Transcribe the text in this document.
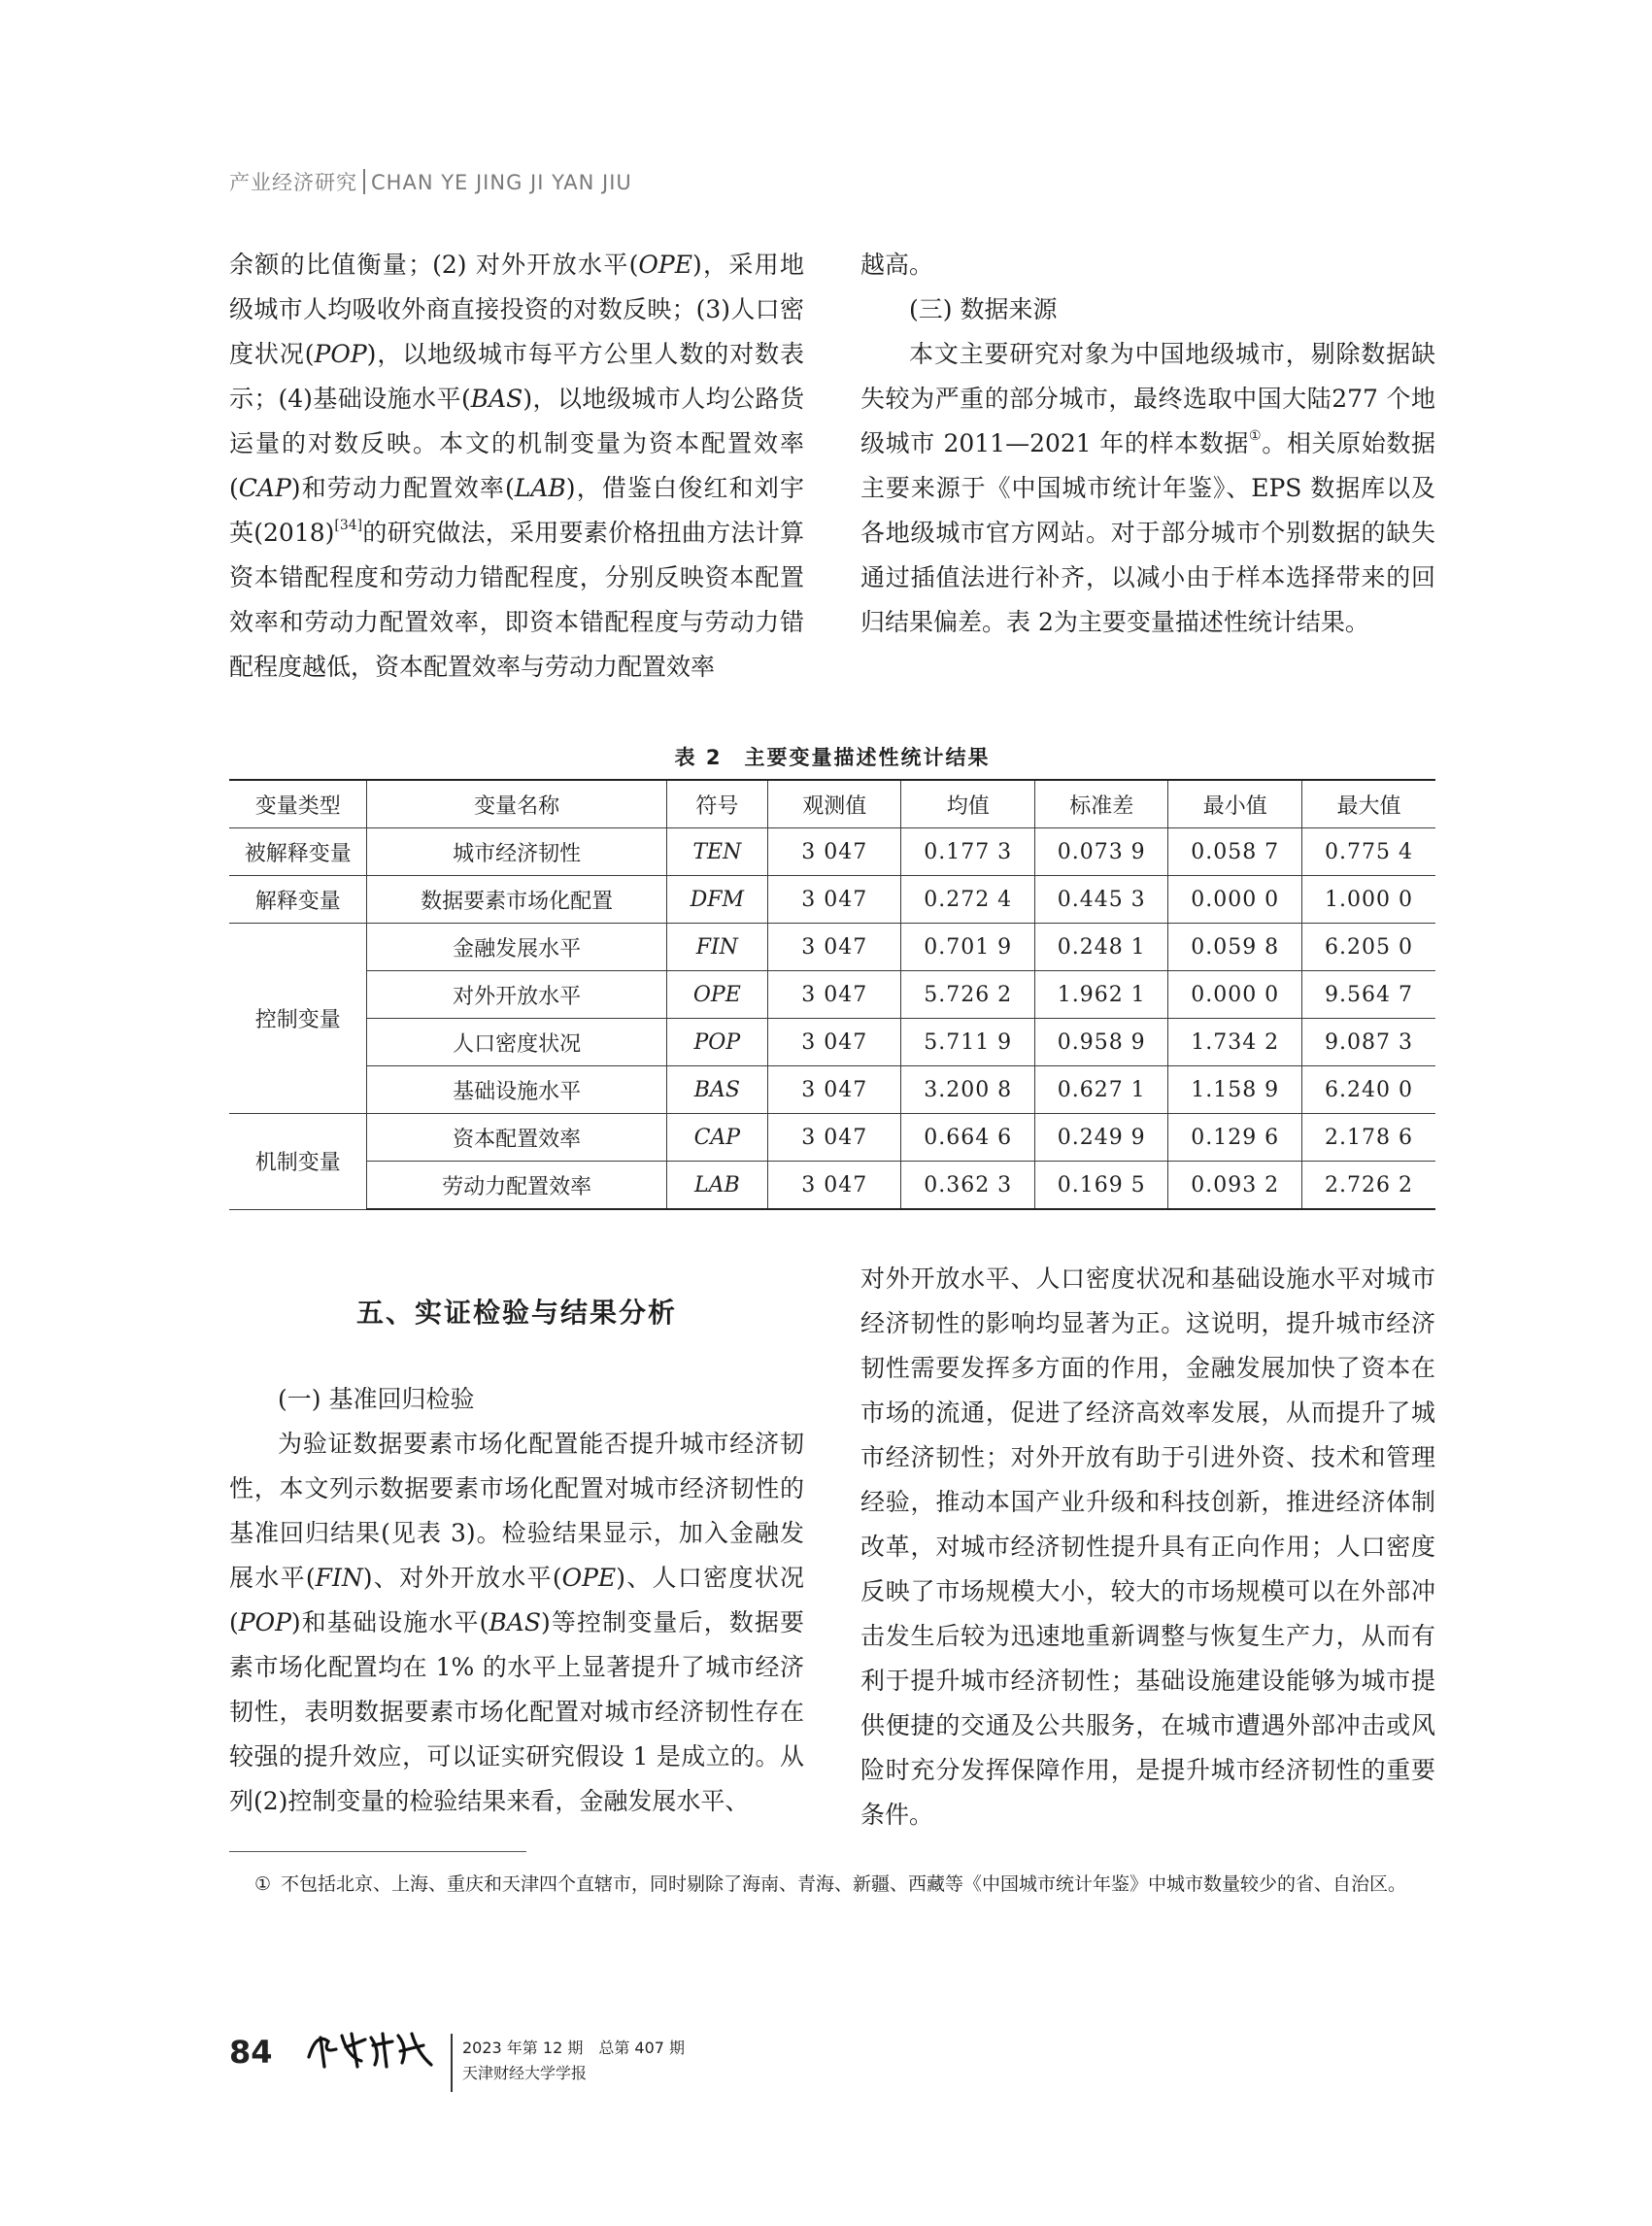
产业经济研究 CHAN YE JING JI YAN JIU

余额的比值衡量；(2) 对外开放水平(OPE)，采用地级城市人均吸收外商直接投资的对数反映；(3)人口密度状况(POP)，以地级城市每平方公里人数的对数表示；(4)基础设施水平(BAS)，以地级城市人均公路货运量的对数反映。本文的机制变量为资本配置效率(CAP)和劳动力配置效率(LAB)，借鉴白俊红和刘宇英(2018)[34]的研究做法，采用要素价格扭曲方法计算资本错配程度和劳动力错配程度，分别反映资本配置效率和劳动力配置效率，即资本错配程度与劳动力错配程度越低，资本配置效率与劳动力配置效率

越高。

(三) 数据来源

本文主要研究对象为中国地级城市，剔除数据缺失较为严重的部分城市，最终选取中国大陆277 个地级城市 2011—2021 年的样本数据①。相关原始数据主要来源于《中国城市统计年鉴》、EPS 数据库以及各地级城市官方网站。对于部分城市个别数据的缺失通过插值法进行补齐，以减小由于样本选择带来的回归结果偏差。表 2为主要变量描述性统计结果。

表 2　主要变量描述性统计结果
变量类型	变量名称	符号	观测值	均值	标准差	最小值	最大值
被解释变量	城市经济韧性	TEN	3 047	0.177 3	0.073 9	0.058 7	0.775 4
解释变量	数据要素市场化配置	DFM	3 047	0.272 4	0.445 3	0.000 0	1.000 0
控制变量	金融发展水平	FIN	3 047	0.701 9	0.248 1	0.059 8	6.205 0
	对外开放水平	OPE	3 047	5.726 2	1.962 1	0.000 0	9.564 7
	人口密度状况	POP	3 047	5.711 9	0.958 9	1.734 2	9.087 3
	基础设施水平	BAS	3 047	3.200 8	0.627 1	1.158 9	6.240 0
机制变量	资本配置效率	CAP	3 047	0.664 6	0.249 9	0.129 6	2.178 6
	劳动力配置效率	LAB	3 047	0.362 3	0.169 5	0.093 2	2.726 2
五、实证检验与结果分析

(一) 基准回归检验

为验证数据要素市场化配置能否提升城市经济韧性，本文列示数据要素市场化配置对城市经济韧性的基准回归结果(见表 3)。检验结果显示，加入金融发展水平(FIN)、对外开放水平(OPE)、人口密度状况(POP)和基础设施水平(BAS)等控制变量后，数据要素市场化配置均在 1% 的水平上显著提升了城市经济韧性，表明数据要素市场化配置对城市经济韧性存在较强的提升效应，可以证实研究假设 1 是成立的。从列(2)控制变量的检验结果来看，金融发展水平、

对外开放水平、人口密度状况和基础设施水平对城市经济韧性的影响均显著为正。这说明，提升城市经济韧性需要发挥多方面的作用，金融发展加快了资本在市场的流通，促进了经济高效率发展，从而提升了城市经济韧性；对外开放有助于引进外资、技术和管理经验，推动本国产业升级和科技创新，推进经济体制改革，对城市经济韧性提升具有正向作用；人口密度反映了市场规模大小，较大的市场规模可以在外部冲击发生后较为迅速地重新调整与恢复生产力，从而有利于提升城市经济韧性；基础设施建设能够为城市提供便捷的交通及公共服务，在城市遭遇外部冲击或风险时充分发挥保障作用，是提升城市经济韧性的重要条件。

① 不包括北京、上海、重庆和天津四个直辖市，同时剔除了海南、青海、新疆、西藏等《中国城市统计年鉴》中城市数量较少的省、自治区。
84	2023 年第 12 期　总第 407 期
天津财经大学学报
